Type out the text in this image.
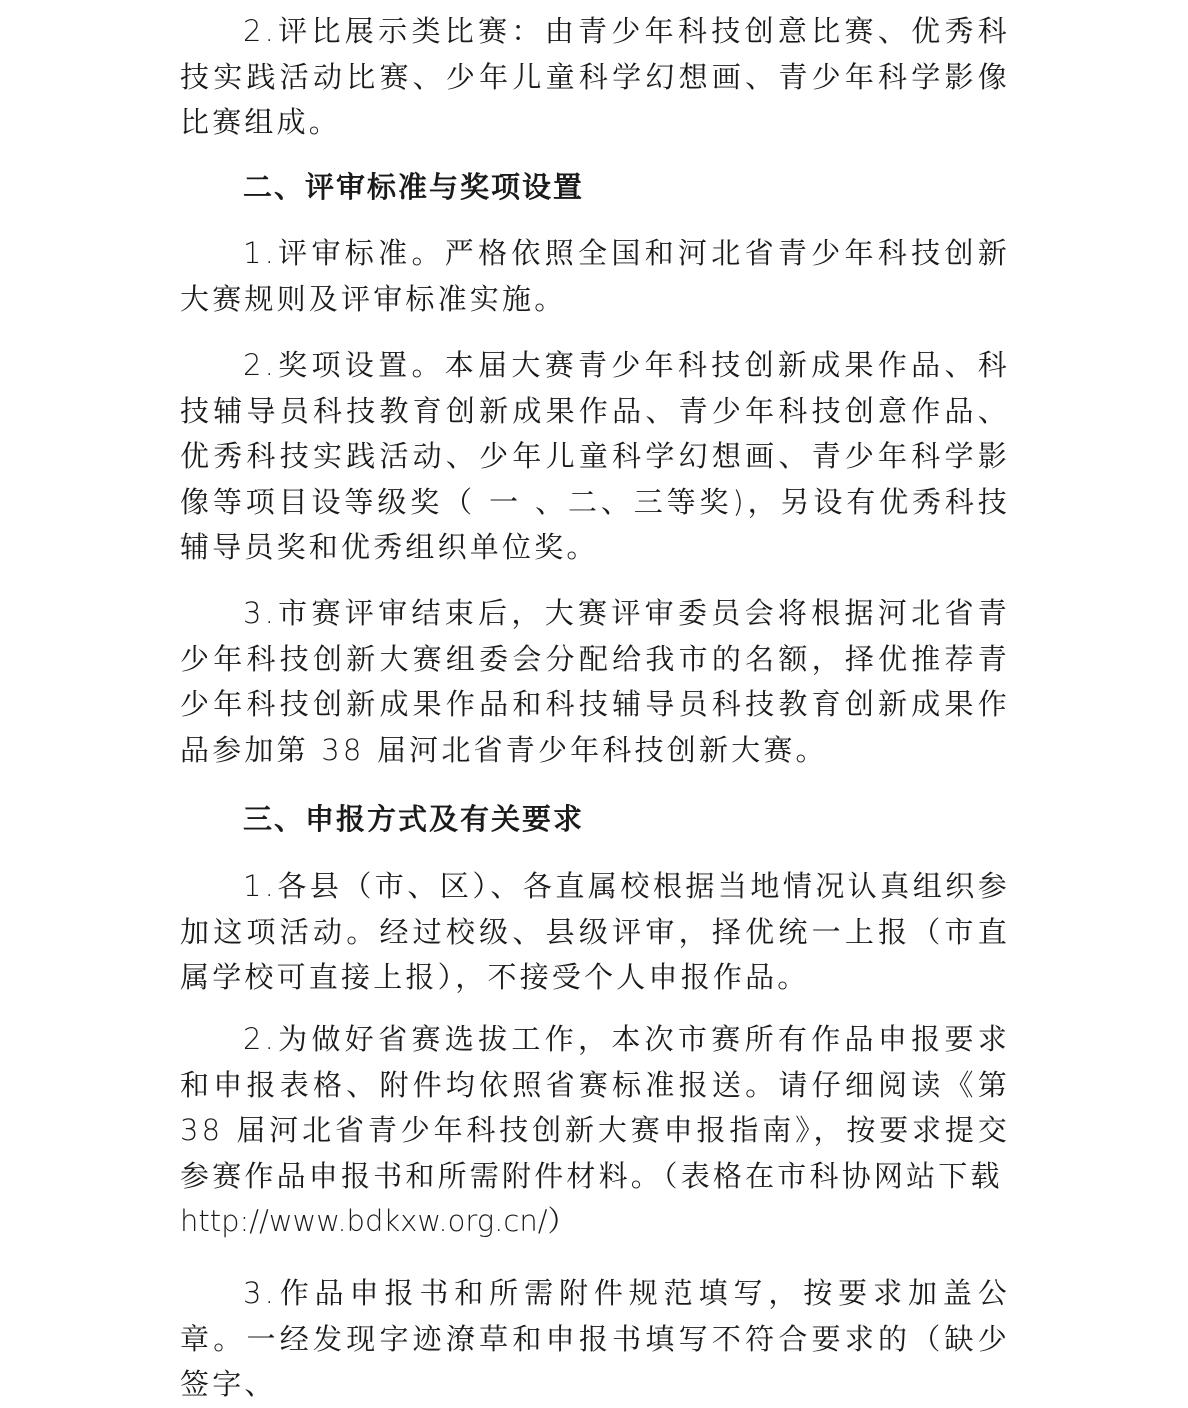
2.评比展示类比赛：由青少年科技创意比赛、优秀科技实践活动比赛、少年儿童科学幻想画、青少年科学影像比赛组成。

二、评审标准与奖项设置

1.评审标准。严格依照全国和河北省青少年科技创新大赛规则及评审标准实施。

2.奖项设置。本届大赛青少年科技创新成果作品、科技辅导员科技教育创新成果作品、青少年科技创意作品、优秀科技实践活动、少年儿童科学幻想画、青少年科学影像等项目设等级奖（ 一 、二、三等奖)，另设有优秀科技辅导员奖和优秀组织单位奖。

3.市赛评审结束后，大赛评审委员会将根据河北省青少年科技创新大赛组委会分配给我市的名额，择优推荐青少年科技创新成果作品和科技辅导员科技教育创新成果作品参加第 38 届河北省青少年科技创新大赛。

三、申报方式及有关要求

1.各县（市、区）、各直属校根据当地情况认真组织参加这项活动。经过校级、县级评审，择优统一上报（市直属学校可直接上报），不接受个人申报作品。

2.为做好省赛选拔工作，本次市赛所有作品申报要求和申报表格、附件均依照省赛标准报送。请仔细阅读《第 38 届河北省青少年科技创新大赛申报指南》，按要求提交参赛作品申报书和所需附件材料。（表格在市科协网站下载
http://www.bdkxw.org.cn/）

3.作品申报书和所需附件规范填写，按要求加盖公章。一经发现字迹潦草和申报书填写不符合要求的（缺少签字、
